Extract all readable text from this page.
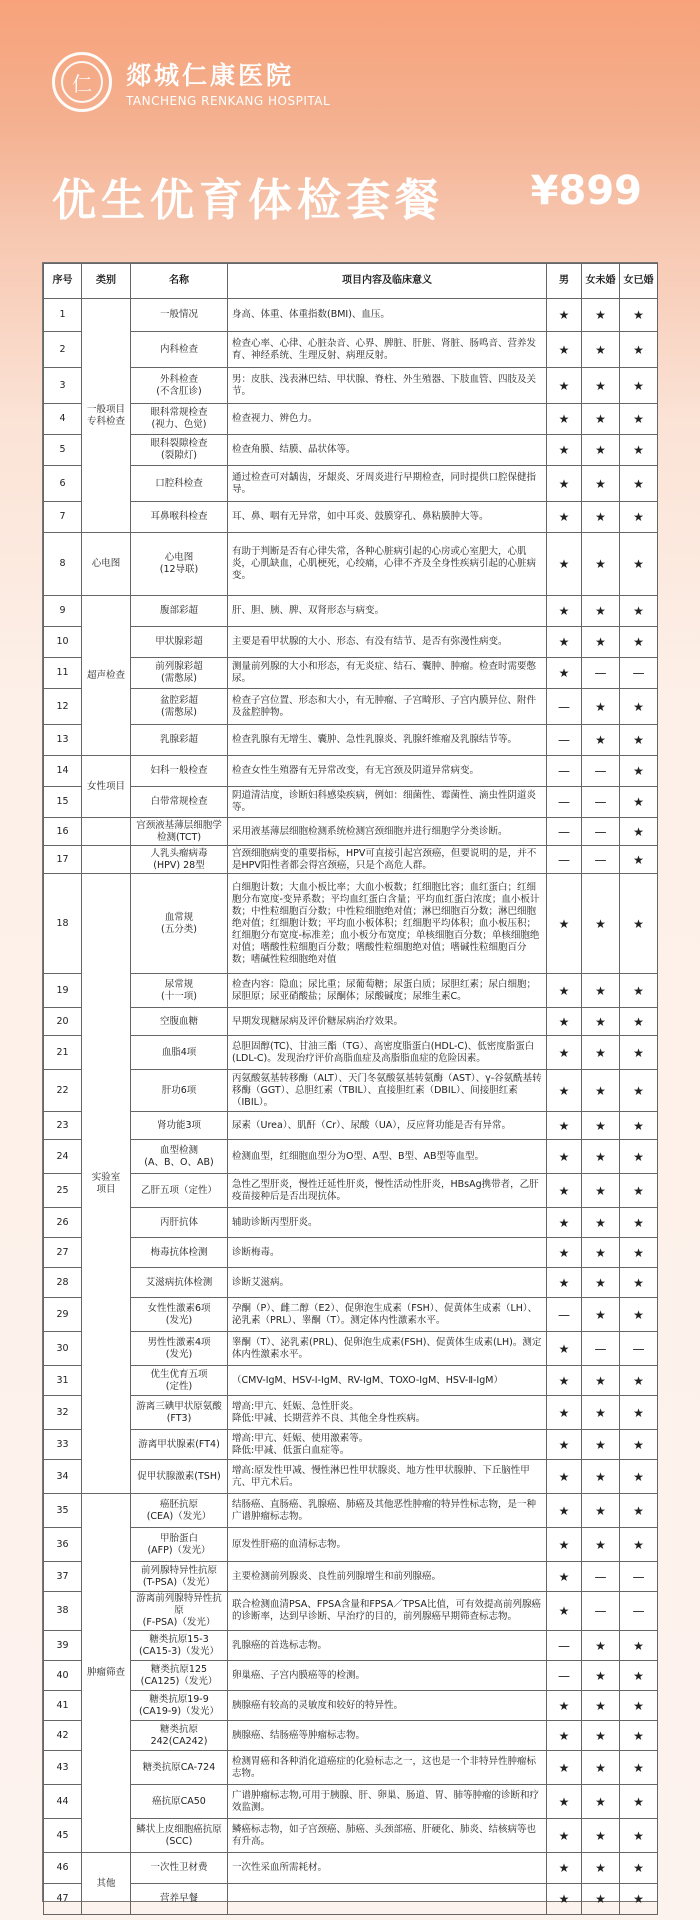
仁	郯城仁康医院
TANCHENG RENKANG HOSPITAL
优生优育体检套餐 ¥899
序号	类别	名称	项目内容及临床意义	男	女未婚	女已婚
1	一般项目
专科检查	一般情况	身高、体重、体重指数(BMI)、血压。	★	★	★
2		内科检查	检查心率、心律、心脏杂音、心界、脾脏、肝脏、肾脏、肠鸣音、营养发育、神经系统、生理反射、病理反射。	★	★	★
3		外科检查
(不含肛诊)	男：皮肤、浅表淋巴结、甲状腺、脊柱、外生殖器、下肢血管、四肢及关节。	★	★	★
4		眼科常规检查
(视力、色觉)	检查视力、辨色力。	★	★	★
5		眼科裂隙检查
(裂隙灯)	检查角膜、结膜、晶状体等。	★	★	★
6		口腔科检查	通过检查可对龋齿，牙龈炎、牙周炎进行早期检查，同时提供口腔保健指导。	★	★	★
7		耳鼻喉科检查	耳、鼻、咽有无异常，如中耳炎、鼓膜穿孔、鼻粘膜肿大等。	★	★	★
8	心电图	心电图
(12导联)	有助于判断是否有心律失常，各种心脏病引起的心房或心室肥大，心肌炎，心肌缺血，心肌梗死，心绞痛，心律不齐及全身性疾病引起的心脏病变。	★	★	★
9	超声检查	腹部彩超	肝、胆、胰、脾、双肾形态与病变。	★	★	★
10		甲状腺彩超	主要是看甲状腺的大小、形态、有没有结节、是否有弥漫性病变。	★	★	★
11		前列腺彩超
(需憋尿)	测量前列腺的大小和形态，有无炎症、结石、囊肿、肿瘤。检查时需要憋尿。	★	—	—
12		盆腔彩超
(需憋尿)	检查子宫位置、形态和大小，有无肿瘤、子宫畸形、子宫内膜异位、附件及盆腔肿物。	—	★	★
13		乳腺彩超	检查乳腺有无增生、囊肿、急性乳腺炎、乳腺纤维瘤及乳腺结节等。	—	★	★
14	女性项目	妇科一般检查	检查女性生殖器有无异常改变，有无宫颈及阴道异常病变。	—	—	★
15		白带常规检查	阴道清洁度，诊断妇科感染疾病，例如：细菌性、霉菌性、滴虫性阴道炎等。	—	—	★
16		宫颈液基薄层细胞学检测(TCT)	采用液基薄层细胞检测系统检测宫颈细胞并进行细胞学分类诊断。	—	—	★
17		人乳头瘤病毒
(HPV) 28型	宫颈细胞病变的重要指标，HPV可直接引起宫颈癌，但要说明的是，并不是HPV阳性者都会得宫颈癌，只是个高危人群。	—	—	★
18	实验室
项目	血常规
(五分类)	白细胞计数；大血小板比率；大血小板数；红细胞比容；血红蛋白；红细胞分布宽度-变异系数；平均血红蛋白含量；平均血红蛋白浓度；血小板计数；中性粒细胞百分数；中性粒细胞绝对值；淋巴细胞百分数；淋巴细胞绝对值；红细胞计数；平均血小板体积；红细胞平均体积；血小板压积；红细胞分布宽度-标准差；血小板分布宽度；单核细胞百分数；单核细胞绝对值；嗜酸性粒细胞百分数；嗜酸性粒细胞绝对值；嗜碱性粒细胞百分数；嗜碱性粒细胞绝对值	★	★	★
19		尿常规
(十一项)	检查内容：隐血；尿比重；尿葡萄糖；尿蛋白质；尿胆红素；尿白细胞；尿胆原；尿亚硝酸盐；尿酮体；尿酸碱度；尿维生素C。	★	★	★
20		空腹血糖	早期发现糖尿病及评价糖尿病治疗效果。	★	★	★
21		血脂4项	总胆固醇(TC)、甘油三酯（TG）、高密度脂蛋白(HDL-C)、低密度脂蛋白(LDL-C)。发现治疗评价高脂血症及高脂脂血症的危险因素。	★	★	★
22		肝功6项	丙氨酸氨基转移酶（ALT）、天门冬氨酸氨基转氨酶（AST）、γ-谷氨酰基转移酶（GGT）、总胆红素（TBIL）、直接胆红素（DBIL）、间接胆红素（IBIL）。	★	★	★
23		肾功能3项	尿素（Urea）、肌酐（Cr）、尿酸（UA），反应肾功能是否有异常。	★	★	★
24		血型检测
(A、B、O、AB)	检测血型，红细胞血型分为O型、A型、B型、AB型等血型。	★	★	★
25		乙肝五项（定性）	急性乙型肝炎，慢性迁延性肝炎，慢性活动性肝炎，HBsAg携带者，乙肝疫苗接种后是否出现抗体。	★	★	★
26		丙肝抗体	辅助诊断丙型肝炎。	★	★	★
27		梅毒抗体检测	诊断梅毒。	★	★	★
28		艾滋病抗体检测	诊断艾滋病。	★	★	★
29		女性性激素6项
(发光)	孕酮（P）、雌二醇（E2）、促卵泡生成素（FSH）、促黄体生成素（LH）、泌乳素（PRL）、睾酮（T）。测定体内性激素水平。	—	★	★
30		男性性激素4项
(发光)	睾酮（T）、泌乳素(PRL)、促卵泡生成素(FSH)、促黄体生成素(LH)。测定体内性激素水平。	★	—	—
31		优生优育五项
(定性)	（CMV-IgM、HSV-Ⅰ-IgM、RV-IgM、TOXO-IgM、HSV-Ⅱ-IgM）	★	★	★
32		游离三碘甲状原氨酸(FT3)	增高:甲亢、妊娠、急性肝炎。
降低:甲减、长期营养不良、其他全身性疾病。	★	★	★
33		游离甲状腺素(FT4)	增高:甲亢、妊娠、使用激素等。
降低:甲减、低蛋白血症等。	★	★	★
34		促甲状腺激素(TSH)	增高:原发性甲减、慢性淋巴性甲状腺炎、地方性甲状腺肿、下丘脑性甲亢、甲亢术后。	★	★	★
35	肿瘤筛查	癌胚抗原
(CEA)（发光）	结肠癌、直肠癌、乳腺癌、肺癌及其他恶性肿瘤的特异性标志物，是一种广谱肿瘤标志物。	★	★	★
36		甲胎蛋白
(AFP)（发光）	原发性肝癌的血清标志物。	★	★	★
37		前列腺特异性抗原
(T-PSA)（发光）	主要检测前列腺炎、良性前列腺增生和前列腺癌。	★	—	—
38		游离前列腺特异性抗原
(F-PSA)（发光）	联合检测血清PSA、FPSA含量和FPSA／TPSA比值，可有效提高前列腺癌的诊断率，达到早诊断、早治疗的目的，前列腺癌早期筛查标志物。	★	—	—
39		糖类抗原15-3
(CA15-3)（发光）	乳腺癌的首选标志物。	—	★	★
40		糖类抗原125
(CA125)（发光）	卵巢癌、子宫内膜癌等的检测。	—	★	★
41		糖类抗原19-9
(CA19-9)（发光）	胰腺癌有较高的灵敏度和较好的特异性。	★	★	★
42		糖类抗原242(CA242)	胰腺癌、结肠癌等肿瘤标志物。	★	★	★
43		糖类抗原CA-724	检测胃癌和各种消化道癌症的化验标志之一，这也是一个非特异性肿瘤标志物。	★	★	★
44		癌抗原CA50	广谱肿瘤标志物,可用于胰腺、肝、卵巢、肠道、胃、肺等肿瘤的诊断和疗效监测。	★	★	★
45		鳞状上皮细胞癌抗原
(SCC)	鳞癌标志物，如子宫颈癌、肺癌、头颈部癌、肝硬化、肺炎、结核病等也有升高。	★	★	★
46	其他	一次性卫材费	一次性采血所需耗材。	★	★	★
47		营养早餐		★	★	★
